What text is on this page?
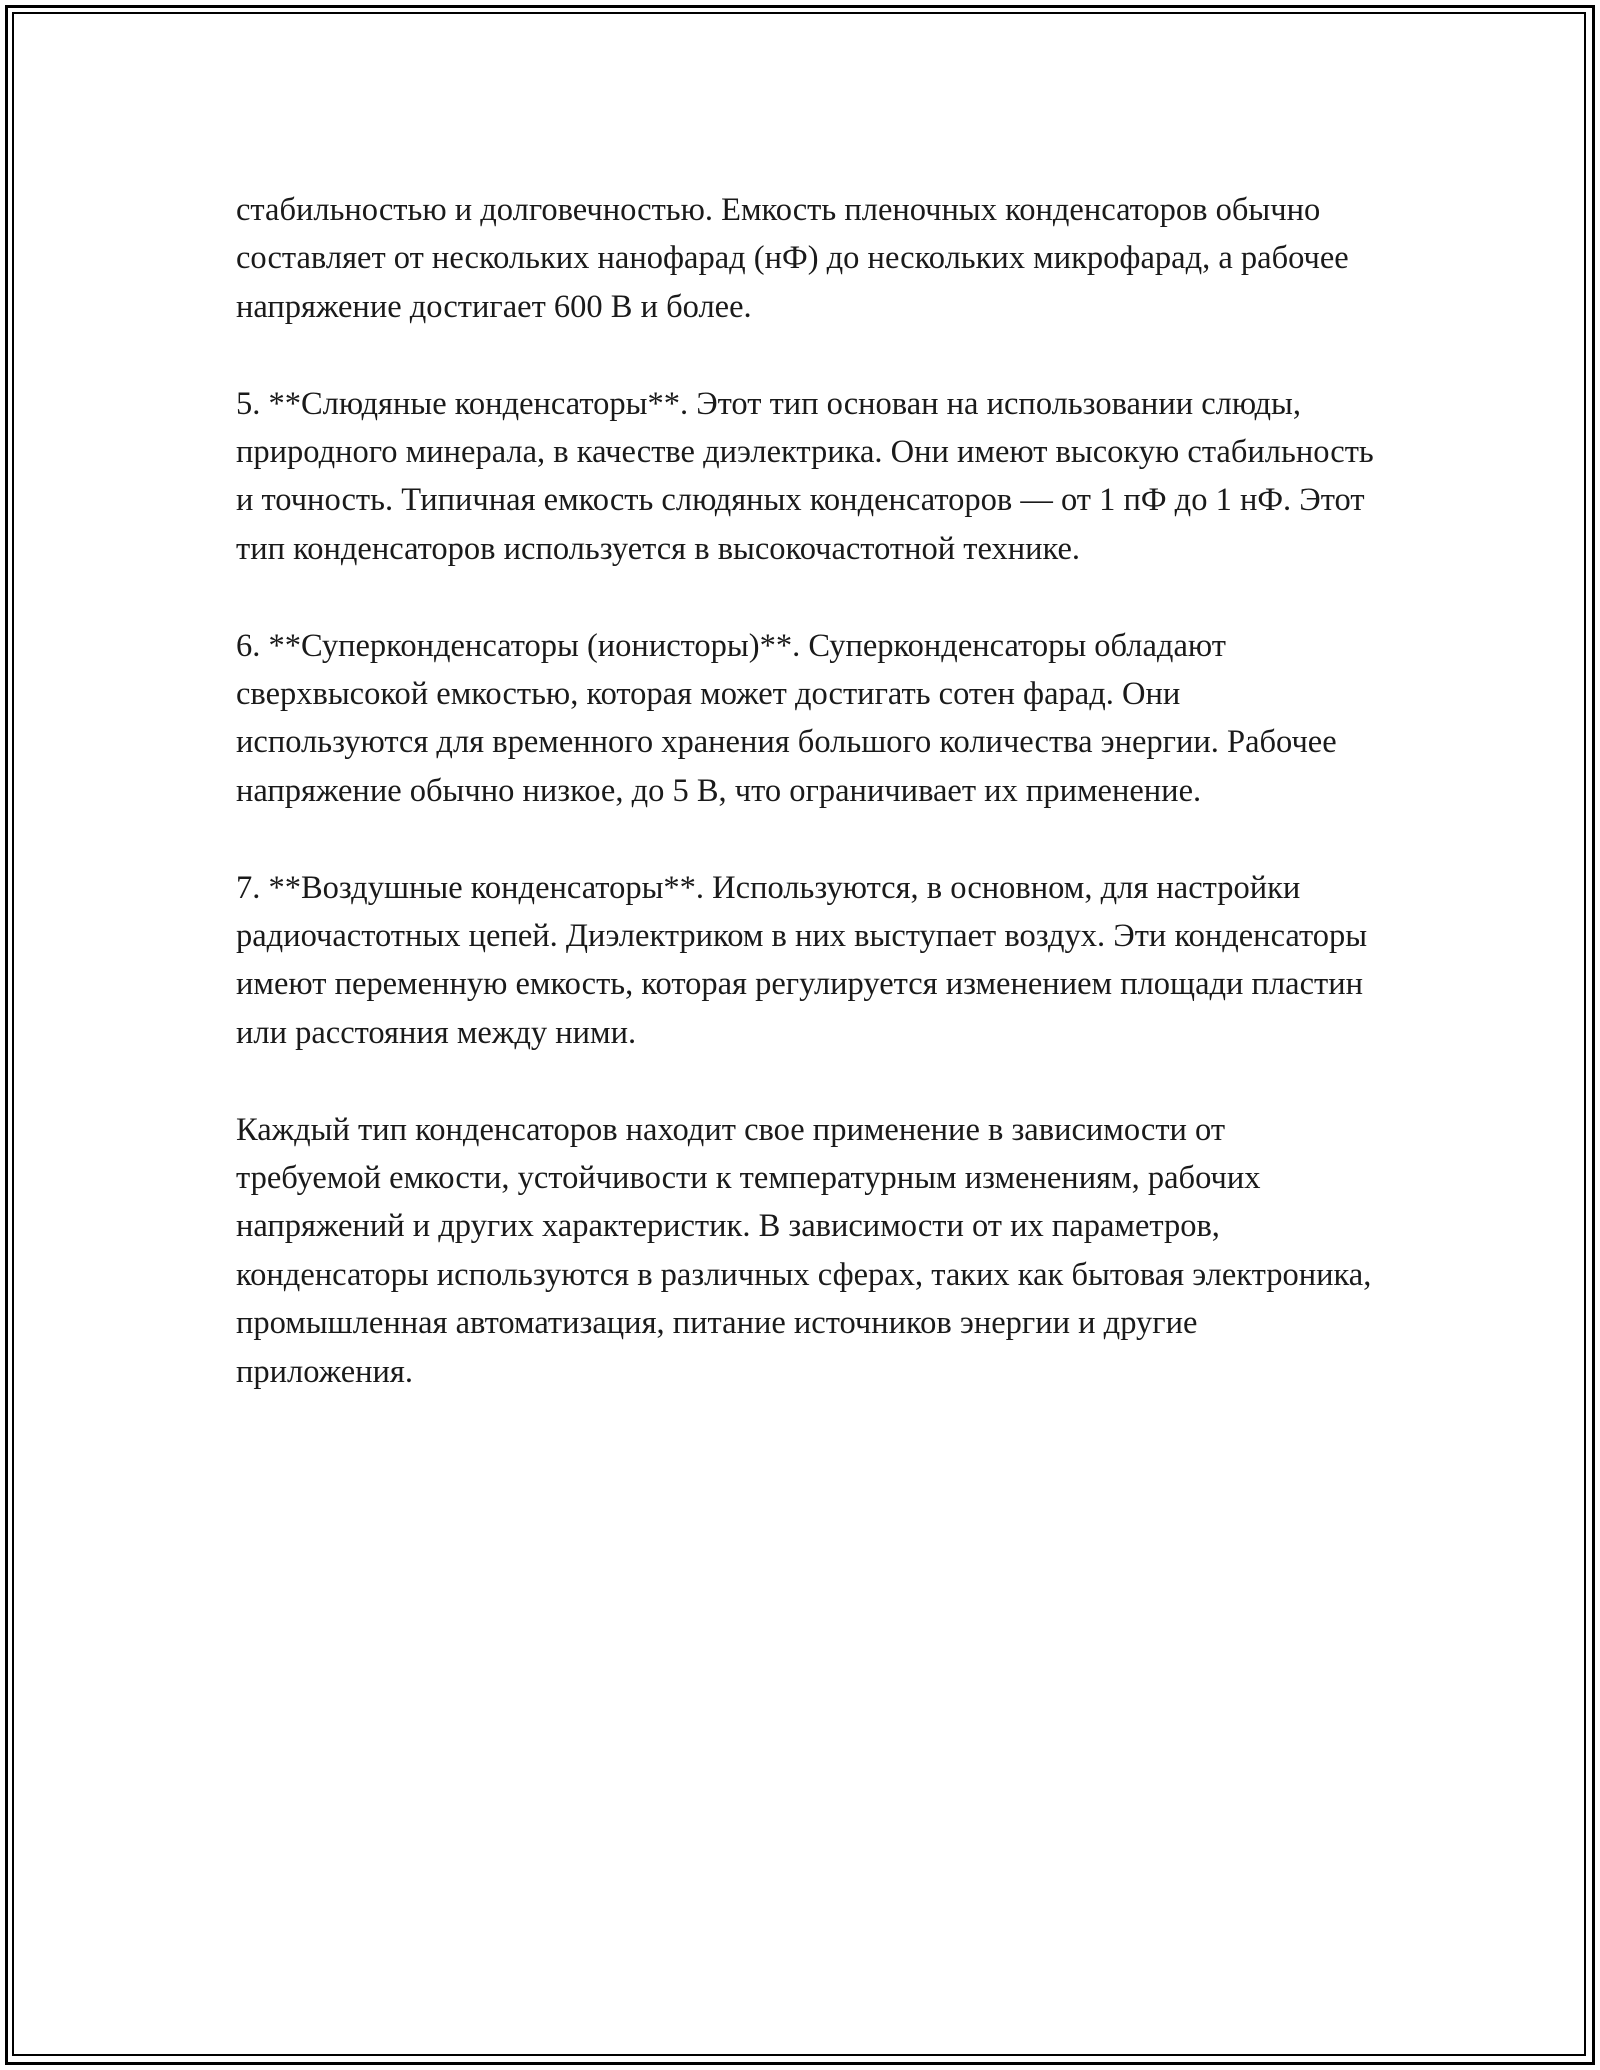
стабильностью и долговечностью. Емкость пленочных конденсаторов обычно составляет от нескольких нанофарад (нФ) до нескольких микрофарад, а рабочее напряжение достигает 600 В и более.

5. **Слюдяные конденсаторы**. Этот тип основан на использовании слюды, природного минерала, в качестве диэлектрика. Они имеют высокую стабильность и точность. Типичная емкость слюдяных конденсаторов — от 1 пФ до 1 нФ. Этот тип конденсаторов используется в высокочастотной технике.

6. **Суперконденсаторы (ионисторы)**. Суперконденсаторы обладают сверхвысокой емкостью, которая может достигать сотен фарад. Они используются для временного хранения большого количества энергии. Рабочее напряжение обычно низкое, до 5 В, что ограничивает их применение.

7. **Воздушные конденсаторы**. Используются, в основном, для настройки радиочастотных цепей. Диэлектриком в них выступает воздух. Эти конденсаторы имеют переменную емкость, которая регулируется изменением площади пластин или расстояния между ними.

Каждый тип конденсаторов находит свое применение в зависимости от требуемой емкости, устойчивости к температурным изменениям, рабочих напряжений и других характеристик. В зависимости от их параметров, конденсаторы используются в различных сферах, таких как бытовая электроника, промышленная автоматизация, питание источников энергии и другие приложения.
